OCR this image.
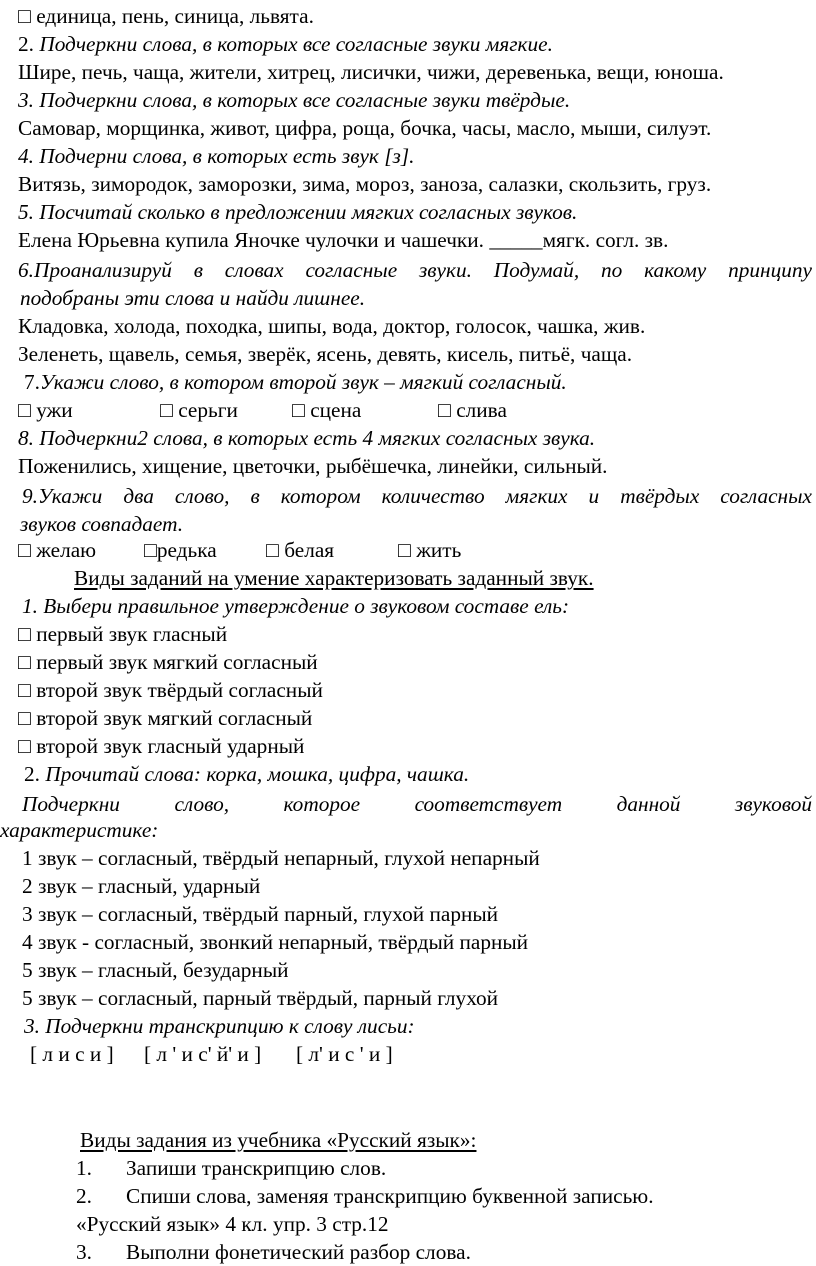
□ единица, пень, синица, львята.
2. Подчеркни слова, в которых все согласные звуки мягкие.
Шире, печь, чаща, жители, хитрец, лисички, чижи, деревенька, вещи, юноша.
3. Подчеркни слова, в которых все согласные звуки твёрдые.
Самовар, морщинка, живот, цифра, роща, бочка, часы, масло, мыши, силуэт.
4. Подчерни слова, в которых есть звук [з].
Витязь, зимородок, заморозки, зима, мороз, заноза, салазки, скользить, груз.
5. Посчитай сколько в предложении мягких согласных звуков.
Елена Юрьевна купила Яночке чулочки и чашечки. _____мягк. согл. зв.
6.Проанализируй в словах согласные звуки. Подумай, по какому принципу
подобраны эти слова и найди лишнее.
Кладовка, холода, походка, шипы, вода, доктор, голосок, чашка, жив.
Зеленеть, щавель, семья, зверёк, ясень, девять, кисель, питьё, чаща.
7.Укажи слово, в котором второй звук – мягкий согласный.
□ ужи	□ серьги	□ сцена	□ слива
8. Подчеркни2 слова, в которых есть 4 мягких согласных звука.
Поженились, хищение, цветочки, рыбёшечка, линейки, сильный.
9.Укажи два слово, в котором количество мягких и твёрдых согласных
звуков совпадает.
□ желаю □редька □ белая	□ жить
Виды заданий на умение характеризовать заданный звук.
1. Выбери правильное утверждение о звуковом составе ель:
□ первый звук гласный
□ первый звук мягкий согласный
□ второй звук твёрдый согласный
□ второй звук мягкий согласный
□ второй звук гласный ударный
2. Прочитай слова: корка, мошка, цифра, чашка.
Подчеркни слово, которое соответствует данной звуковой
характеристике:
1 звук – согласный, твёрдый непарный, глухой непарный
2 звук – гласный, ударный
3 звук – согласный, твёрдый парный, глухой парный
4 звук - согласный, звонкий непарный, твёрдый парный
5 звук – гласный, безударный
5 звук – согласный, парный твёрдый, парный глухой
3. Подчеркни транскрипцию к слову лисьи:
[ л и с и ] [ л ' и с' й' и ] [ л' и с ' и ]
Виды задания из учебника «Русский язык»:
1. Запиши транскрипцию слов.
2. Спиши слова, заменяя транскрипцию буквенной записью.
«Русский язык» 4 кл. упр. 3 стр.12
3. Выполни фонетический разбор слова.
